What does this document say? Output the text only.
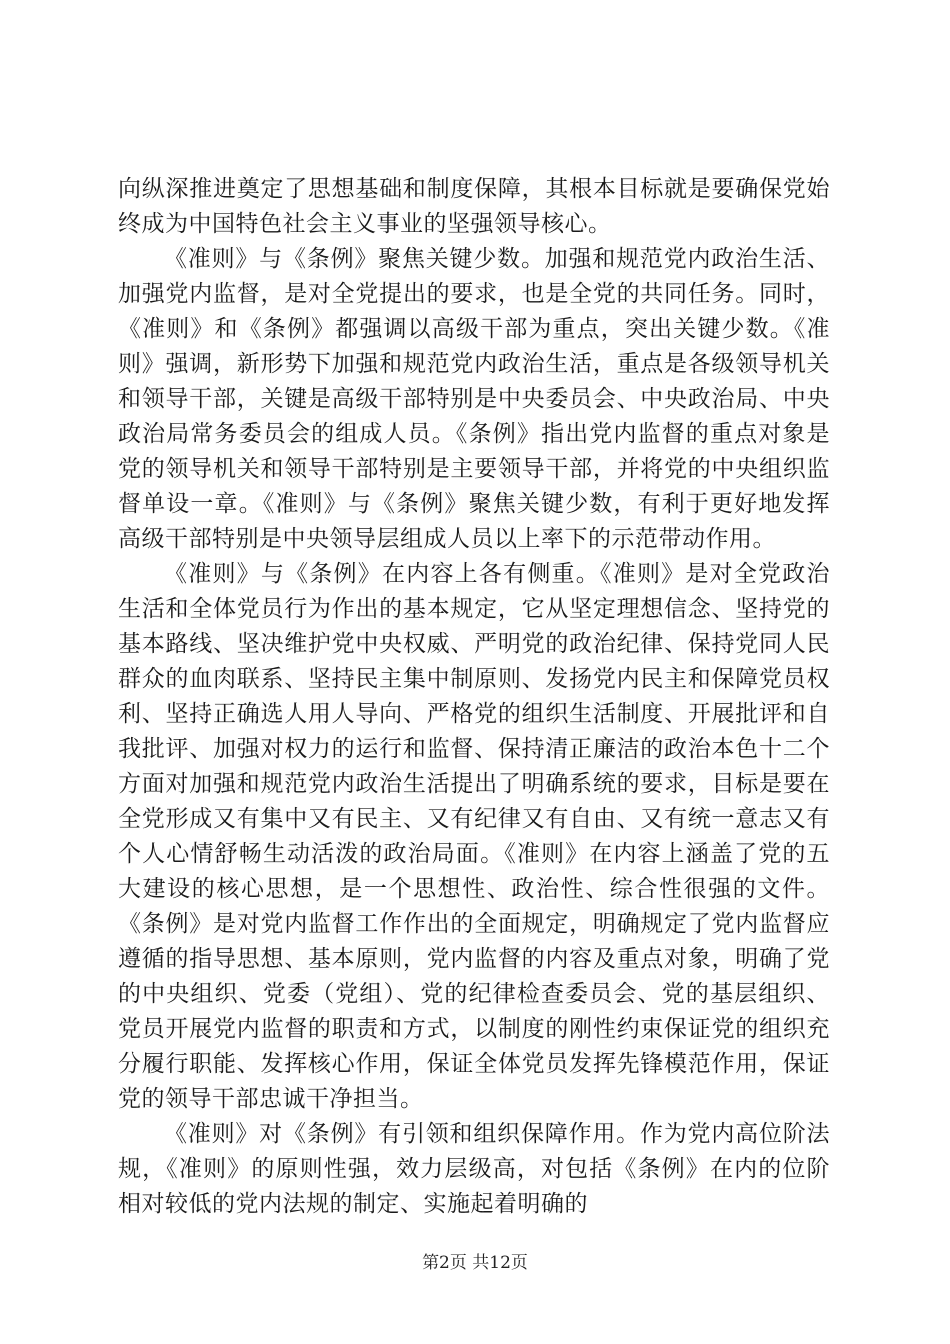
向纵深推进奠定了思想基础和制度保障，其根本目标就是要确保党始终成为中国特色社会主义事业的坚强领导核心。

《准则》与《条例》聚焦关键少数。加强和规范党内政治生活、加强党内监督，是对全党提出的要求，也是全党的共同任务。同时，《准则》和《条例》都强调以高级干部为重点，突出关键少数。《准则》强调，新形势下加强和规范党内政治生活，重点是各级领导机关和领导干部，关键是高级干部特别是中央委员会、中央政治局、中央政治局常务委员会的组成人员。《条例》指出党内监督的重点对象是党的领导机关和领导干部特别是主要领导干部，并将党的中央组织监督单设一章。《准则》与《条例》聚焦关键少数，有利于更好地发挥高级干部特别是中央领导层组成人员以上率下的示范带动作用。

《准则》与《条例》在内容上各有侧重。《准则》是对全党政治生活和全体党员行为作出的基本规定，它从坚定理想信念、坚持党的基本路线、坚决维护党中央权威、严明党的政治纪律、保持党同人民群众的血肉联系、坚持民主集中制原则、发扬党内民主和保障党员权利、坚持正确选人用人导向、严格党的组织生活制度、开展批评和自我批评、加强对权力的运行和监督、保持清正廉洁的政治本色十二个方面对加强和规范党内政治生活提出了明确系统的要求，目标是要在全党形成又有集中又有民主、又有纪律又有自由、又有统一意志又有个人心情舒畅生动活泼的政治局面。《准则》在内容上涵盖了党的五大建设的核心思想，是一个思想性、政治性、综合性很强的文件。《条例》是对党内监督工作作出的全面规定，明确规定了党内监督应遵循的指导思想、基本原则，党内监督的内容及重点对象，明确了党的中央组织、党委（党组）、党的纪律检查委员会、党的基层组织、党员开展党内监督的职责和方式，以制度的刚性约束保证党的组织充分履行职能、发挥核心作用，保证全体党员发挥先锋模范作用，保证党的领导干部忠诚干净担当。

《准则》对《条例》有引领和组织保障作用。作为党内高位阶法规，《准则》的原则性强，效力层级高，对包括《条例》在内的位阶相对较低的党内法规的制定、实施起着明确的

第2页 共12页
